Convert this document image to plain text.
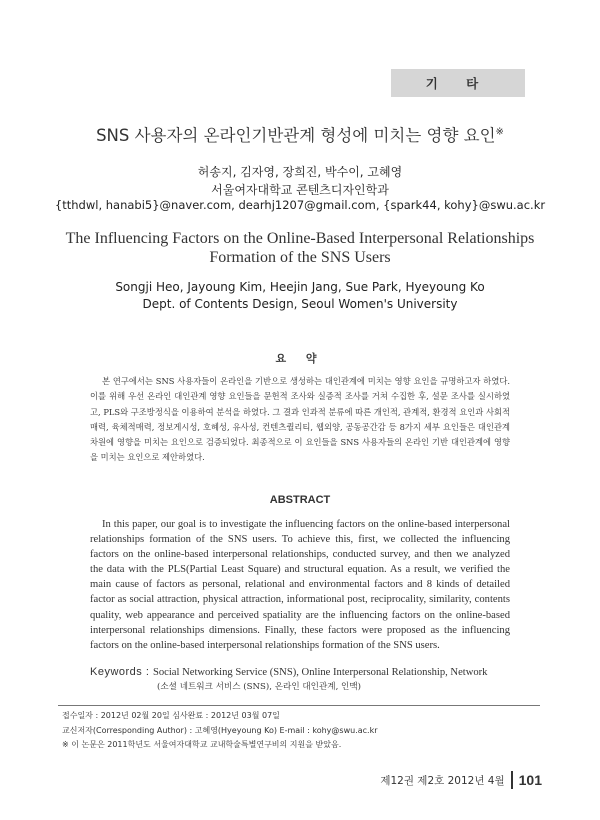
기 타
SNS 사용자의 온라인기반관계 형성에 미치는 영향 요인※
허송지, 김자영, 장희진, 박수이, 고혜영
서울여자대학교 콘텐츠디자인학과
{tthdwl, hanabi5}@naver.com, dearhj1207@gmail.com, {spark44, kohy}@swu.ac.kr
The Influencing Factors on the Online-Based Interpersonal Relationships
Formation of the SNS Users
Songji Heo, Jayoung Kim, Heejin Jang, Sue Park, Hyeyoung Ko
Dept. of Contents Design, Seoul Women's University
요 약

본 연구에서는 SNS 사용자들이 온라인을 기반으로 생성하는 대인관계에 미치는 영향 요인을 규명하고자 하였다. 이를 위해 우선 온라인 대인관계 영향 요인들을 문헌적 조사와 실증적 조사를 거쳐 수집한 후, 설문 조사를 실시하였고, PLS와 구조방정식을 이용하여 분석을 하였다. 그 결과 인과적 분류에 따른 개인적, 관계적, 환경적 요인과 사회적매력, 육체적매력, 정보게시성, 호혜성, 유사성, 컨텐츠퀄리티, 웹외양, 공동공간감 등 8가지 세부 요인들은 대인관계 차원에 영향을 미치는 요인으로 검증되었다. 최종적으로 이 요인들을 SNS 사용자들의 온라인 기반 대인관계에 영향을 미치는 요인으로 제안하였다.

ABSTRACT

In this paper, our goal is to investigate the influencing factors on the online-based interpersonal relationships formation of the SNS users. To achieve this, first, we collected the influencing factors on the online-based interpersonal relationships, conducted survey, and then we analyzed the data with the PLS(Partial Least Square) and structural equation. As a result, we verified the main cause of factors as personal, relational and environmental factors and 8 kinds of detailed factor as social attraction, physical attraction, informational post, reciprocality, similarity, contents quality, web appearance and perceived spatiality are the influencing factors on the online-based interpersonal relationships dimensions. Finally, these factors were proposed as the influencing factors on the online-based interpersonal relationships formation of the SNS users.

Keywords : Social Networking Service (SNS), Online Interpersonal Relationship, Network
(소셜 네트워크 서비스 (SNS), 온라인 대인관계, 인맥)
접수일자 : 2012년 02월 20일 심사완료 : 2012년 03월 07일
교신저자(Corresponding Author) : 고혜영(Hyeyoung Ko) E-mail : kohy@swu.ac.kr
※ 이 논문은 2011학년도 서울여자대학교 교내학술특별연구비의 지원을 받았음.
제12권 제2호 2012년 4월 101
